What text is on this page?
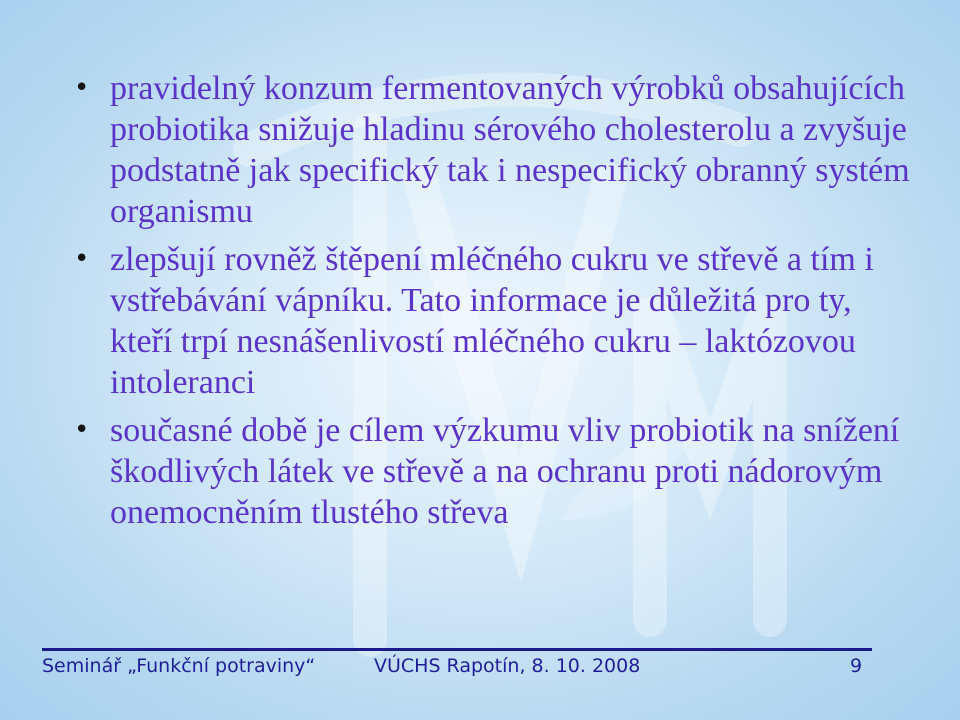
• pravidelný konzum fermentovaných výrobků obsahujících probiotika snižuje hladinu sérového cholesterolu a zvyšuje podstatně jak specifický tak i nespecifický obranný systém organismu
• zlepšují rovněž štěpení mléčného cukru ve střevě a tím i vstřebávání vápníku. Tato informace je důležitá pro ty, kteří trpí nesnášenlivostí mléčného cukru – laktózovou intoleranci
• současné době je cílem výzkumu vliv probiotik na snížení škodlivých látek ve střevě a na ochranu proti nádorovým onemocněním tlustého střeva
Seminář „Funkční potraviny“	VÚCHS Rapotín, 8. 10. 2008	9
